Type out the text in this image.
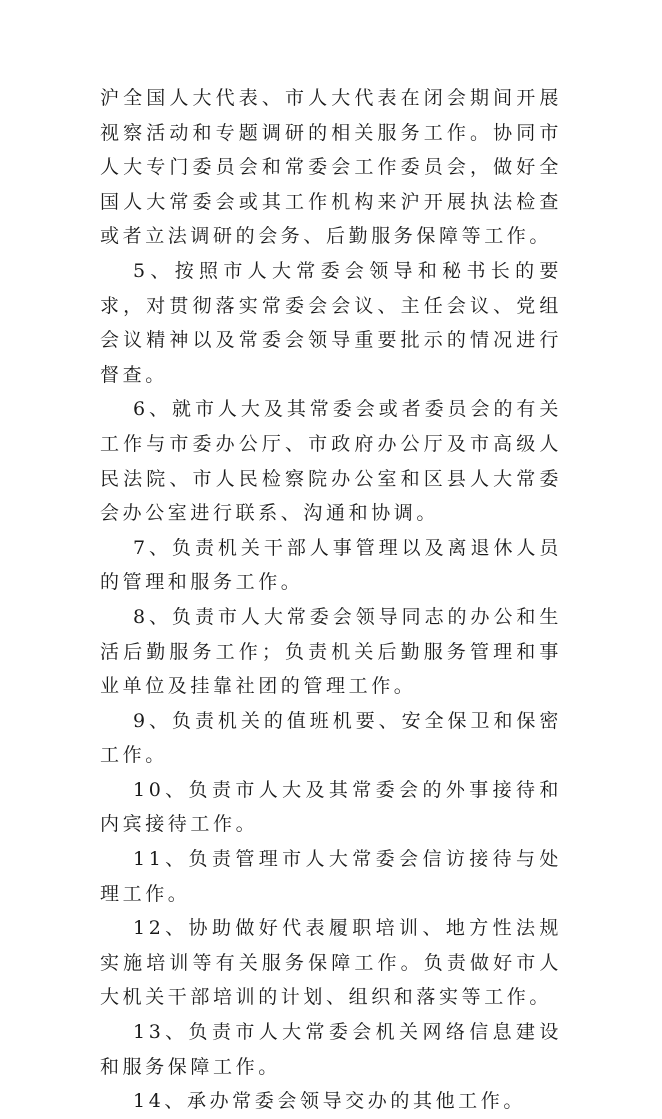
沪全国人大代表、市人大代表在闭会期间开展视察活动和专题调研的相关服务工作。协同市人大专门委员会和常委会工作委员会，做好全国人大常委会或其工作机构来沪开展执法检查或者立法调研的会务、后勤服务保障等工作。

5、按照市人大常委会领导和秘书长的要求，对贯彻落实常委会会议、主任会议、党组会议精神以及常委会领导重要批示的情况进行督查。

6、就市人大及其常委会或者委员会的有关工作与市委办公厅、市政府办公厅及市高级人民法院、市人民检察院办公室和区县人大常委会办公室进行联系、沟通和协调。

7、负责机关干部人事管理以及离退休人员的管理和服务工作。

8、负责市人大常委会领导同志的办公和生活后勤服务工作；负责机关后勤服务管理和事业单位及挂靠社团的管理工作。

9、负责机关的值班机要、安全保卫和保密工作。

10、负责市人大及其常委会的外事接待和内宾接待工作。

11、负责管理市人大常委会信访接待与处理工作。

12、协助做好代表履职培训、地方性法规实施培训等有关服务保障工作。负责做好市人大机关干部培训的计划、组织和落实等工作。

13、负责市人大常委会机关网络信息建设和服务保障工作。

14、承办常委会领导交办的其他工作。
